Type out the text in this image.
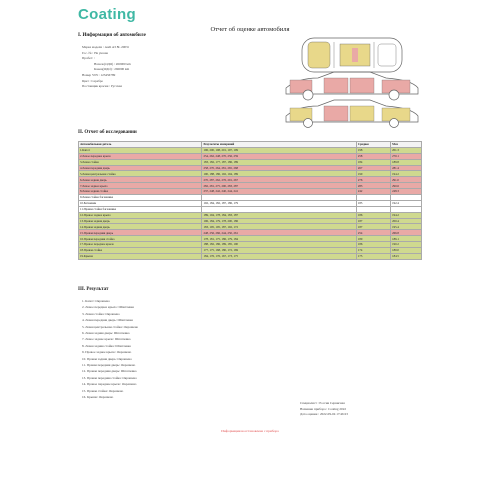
Coating
Отчет об оценке автомобиля
I. Информация об автомобиле
Марка модели : Audi A3 8L 2003г
Гос. № : Не указан
Пробег: :
Начало(ОДО) : 260000 km
Конец(ОДО) : 260000 km
Номер VIN : 123456789
Цвет : Серебро
Поставщик краски : Русская
II. Отчет об исследовании
Автомобильная деталь	Результаты измерений	Среднее	Max
1.Капот	196, 200, 198, 201, 197, 199	198	201.3
2.Левое переднее крыло	254, 262, 248, 270, 256, 259	258	270.1
3.Левая стойка	183, 182, 177, 187, 186, 189	184	189.8
4.Левая передняя дверь	258, 270, 264, 281, 265, 268	267	281.4
5.Левая центральная стойка	190, 188, 186, 192, 194, 189	190	194.2
6.Левая задняя дверь	270, 287, 262, 276, 291, 267	276	291.0
7.Левое заднее крыло	282, 281, 275, 290, 283, 287	283	290.6
8.Левая задняя стойка	237, 248, 242, 240, 244, 241	242	248.3
9.Левая стойка багажника			
10.Багажник	192, 184, 182, 187, 186, 179	185	192.4
11.Правая стойка багажника			
12.Правое заднее крыло	189, 194, 178, 184, 183, 187	186	194.2
13.Правая задняя дверь	196, 184, 179, 178, 200, 186	187	200.4
14.Правая задняя дверь	183, 195, 195, 187, 192, 172	187	195.4
15.Правая передняя дверь	248, 256, 266, 244, 250, 261	254	266.8
16.Правая передняя стойка	178, 181, 175, 186, 179, 184	180	186.1
17.Правое переднее крыло	188, 182, 186, 189, 185, 190	186	190.2
18.Правая стойка	177, 175, 168, 180, 172, 169	174	180.0
19.Крыша	184, 176, 176, 167, 173, 175	175	184.5
III. Результат
1. Капот: Окрашено
2. Левое переднее крыло: Шпатлевка
3. Левая стойка: Окрашено
4. Левая передняя дверь: Шпатлевка
5. Левая центральная стойка: Окрашено
6. Левая задняя дверь: Шпатлевка
7. Левое заднее крыло: Шпатлевка
8. Левая задняя стойка: Шпатлевка
9. Правое заднее крыло: Окрашено
10. Правая задняя дверь: Окрашено
11. Правая передняя дверь: Окрашено
12. Правая передняя дверь: Шпатлевка
13. Правая передняя стойка: Окрашено
14. Правое переднее крыло: Окрашено
15. Правая стойка: Окрашено
16. Крыша: Окрашено
Специалист : Россия Сервисная
Название прибора : Coating 2022
Дата оценки : 2022-09-04 17:46:23
Информация восстановлена с прибора
